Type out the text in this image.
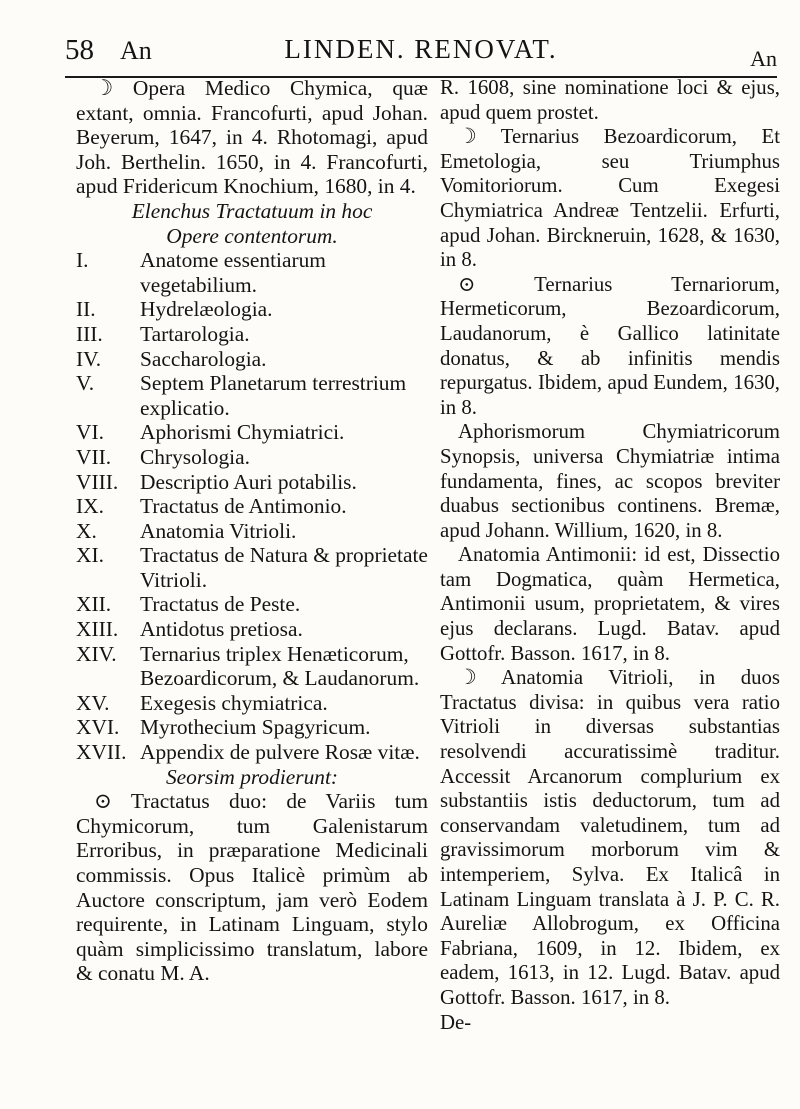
58 An	LINDEN. RENOVAT.	An

☽ Opera Medico Chymica, quæ extant, omnia. Francofurti, apud Johan. Beyerum, 1647, in 4. Rhotomagi, apud Joh. Berthelin. 1650, in 4. Francofurti, apud Fridericum Knochium, 1680, in 4.

Elenchus Tractatuum in hoc

Opere contentorum.

I.	Anatome essentiarum vegetabilium.
II.	Hydrelæologia.
III.	Tartarologia.
IV.	Saccharologia.
V.	Septem Planetarum terrestrium explicatio.
VI.	Aphorismi Chymiatrici.
VII.	Chrysologia.
VIII.	Descriptio Auri potabilis.
IX.	Tractatus de Antimonio.
X.	Anatomia Vitrioli.
XI.	Tractatus de Natura & proprietate Vitrioli.
XII.	Tractatus de Peste.
XIII.	Antidotus pretiosa.
XIV.	Ternarius triplex Henæticorum, Bezoardicorum, & Laudanorum.
XV.	Exegesis chymiatrica.
XVI. Myrothecium Spagyricum.
XVII. Appendix de pulvere Rosæ vitæ.

Seorsim prodierunt:

⊙ Tractatus duo: de Variis tum Chymicorum, tum Galenistarum Erroribus, in præparatione Medicinali commissis. Opus Italicè primùm ab Auctore conscriptum, jam verò Eodem requirente, in Latinam Linguam, stylo quàm simplicissimo translatum, labore & conatu M. A.

R. 1608, sine nominatione loci & ejus, apud quem prostet.

☽ Ternarius Bezoardicorum, Et Emetologia, seu Triumphus Vomitoriorum. Cum Exegesi Chymiatrica Andreæ Tentzelii. Erfurti, apud Johan. Birckneruin, 1628, & 1630, in 8.

⊙ Ternarius Ternariorum, Hermeticorum, Bezoardicorum, Laudanorum, è Gallico latinitate donatus, & ab infinitis mendis repurgatus. Ibidem, apud Eundem, 1630, in 8.

Aphorismorum Chymiatricorum Synopsis, universa Chymiatriæ intima fundamenta, fines, ac scopos breviter duabus sectionibus continens. Bremæ, apud Johann. Willium, 1620, in 8.

Anatomia Antimonii: id est, Dissectio tam Dogmatica, quàm Hermetica, Antimonii usum, proprietatem, & vires ejus declarans. Lugd. Batav. apud Gottofr. Basson. 1617, in 8.

☽ Anatomia Vitrioli, in duos Tractatus divisa: in quibus vera ratio Vitrioli in diversas substantias resolvendi accuratissimè traditur. Accessit Arcanorum complurium ex substantiis istis deductorum, tum ad conservandam valetudinem, tum ad gravissimorum morborum vim & intemperiem, Sylva. Ex Italicâ in Latinam Linguam translata à J. P. C. R. Aureliæ Allobrogum, ex Officina Fabriana, 1609, in 12. Ibidem, ex eadem, 1613, in 12. Lugd. Batav. apud Gottofr. Basson. 1617, in 8.

De-
